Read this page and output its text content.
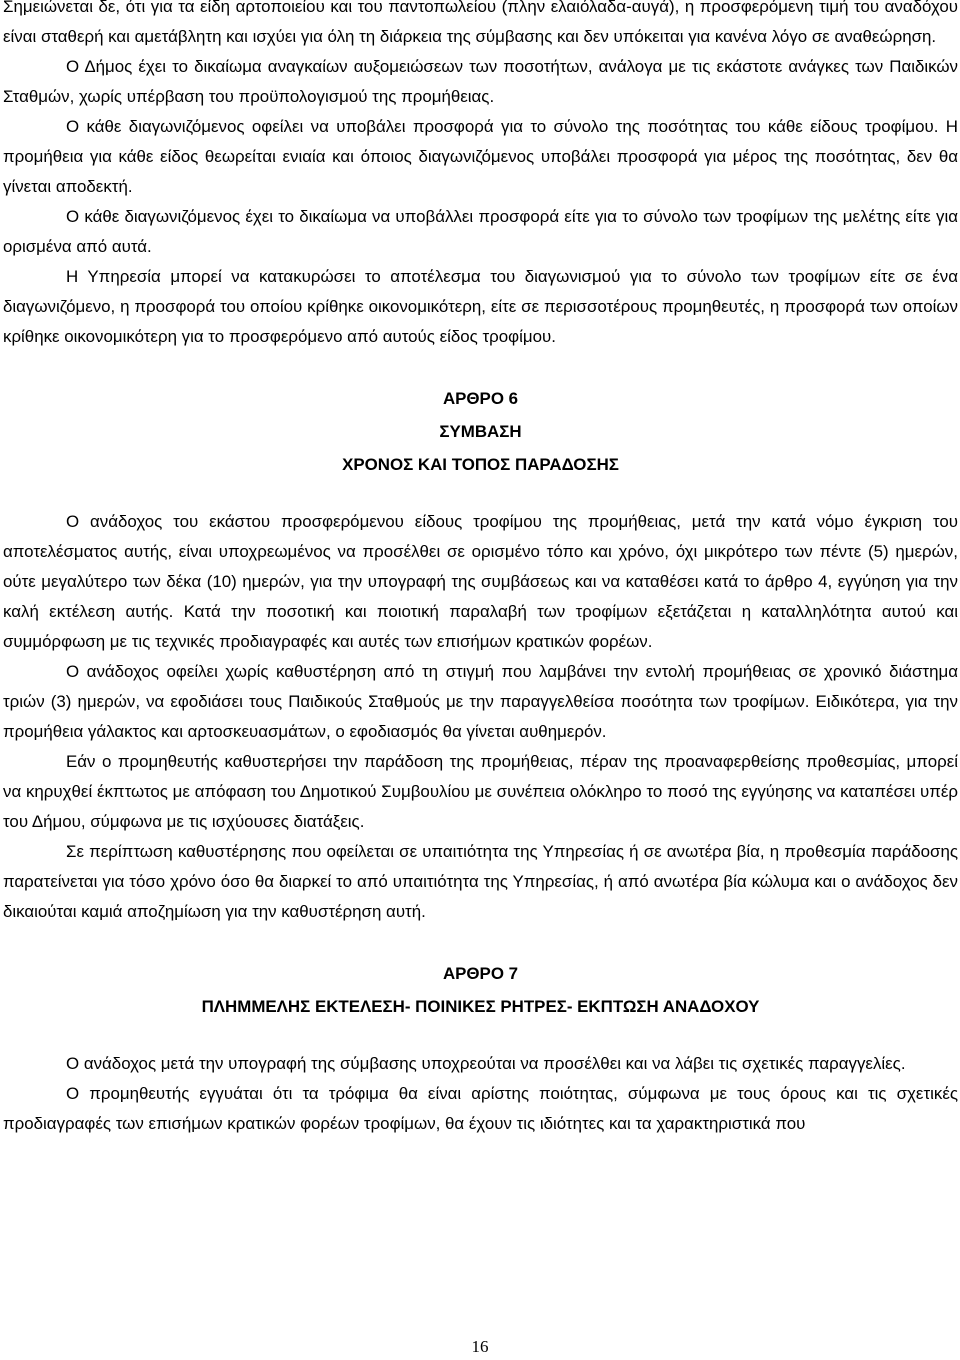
Σημειώνεται δε, ότι για τα είδη αρτοποιείου και του παντοπωλείου (πλην ελαιόλαδα-αυγά), η προσφερόμενη τιμή του αναδόχου είναι σταθερή και αμετάβλητη και ισχύει για όλη τη διάρκεια της σύμβασης και δεν υπόκειται για κανένα λόγο σε αναθεώρηση.

Ο Δήμος έχει το δικαίωμα αναγκαίων αυξομειώσεων των ποσοτήτων, ανάλογα με τις εκάστοτε ανάγκες των Παιδικών Σταθμών, χωρίς υπέρβαση του προϋπολογισμού της προμήθειας.

Ο κάθε διαγωνιζόμενος οφείλει να υποβάλει προσφορά για το σύνολο της ποσότητας του κάθε είδους τροφίμου. Η προμήθεια για κάθε είδος θεωρείται ενιαία και όποιος διαγωνιζόμενος υποβάλει προσφορά για μέρος της ποσότητας, δεν θα γίνεται αποδεκτή.

Ο κάθε διαγωνιζόμενος έχει το δικαίωμα να υποβάλλει προσφορά είτε για το σύνολο των τροφίμων της μελέτης είτε για ορισμένα από αυτά.

Η Υπηρεσία μπορεί να κατακυρώσει το αποτέλεσμα του διαγωνισμού για το σύνολο των τροφίμων είτε σε ένα διαγωνιζόμενο, η προσφορά του οποίου κρίθηκε οικονομικότερη, είτε σε περισσοτέρους προμηθευτές, η προσφορά των οποίων κρίθηκε οικονομικότερη για το προσφερόμενο από αυτούς είδος τροφίμου.

ΑΡΘΡΟ 6
ΣΥΜΒΑΣΗ
ΧΡΟΝΟΣ ΚΑΙ ΤΟΠΟΣ ΠΑΡΑΔΟΣΗΣ

Ο ανάδοχος του εκάστου προσφερόμενου είδους τροφίμου της προμήθειας, μετά την κατά νόμο έγκριση του αποτελέσματος αυτής, είναι υποχρεωμένος να προσέλθει σε ορισμένο τόπο και χρόνο, όχι μικρότερο των πέντε (5) ημερών, ούτε μεγαλύτερο των δέκα (10) ημερών, για την υπογραφή της συμβάσεως και να καταθέσει κατά το άρθρο 4, εγγύηση για την καλή εκτέλεση αυτής. Κατά την ποσοτική και ποιοτική παραλαβή των τροφίμων εξετάζεται η καταλληλότητα αυτού και συμμόρφωση με τις τεχνικές προδιαγραφές και αυτές των επισήμων κρατικών φορέων.

Ο ανάδοχος οφείλει χωρίς καθυστέρηση από τη στιγμή που λαμβάνει την εντολή προμήθειας σε χρονικό διάστημα τριών (3) ημερών, να εφοδιάσει τους Παιδικούς Σταθμούς με την παραγγελθείσα ποσότητα των τροφίμων. Ειδικότερα, για την προμήθεια γάλακτος και αρτοσκευασμάτων, ο εφοδιασμός θα γίνεται αυθημερόν.

Εάν ο προμηθευτής καθυστερήσει την παράδοση της προμήθειας, πέραν της προαναφερθείσης προθεσμίας, μπορεί να κηρυχθεί έκπτωτος με απόφαση του Δημοτικού Συμβουλίου με συνέπεια ολόκληρο το ποσό της εγγύησης να καταπέσει υπέρ του Δήμου, σύμφωνα με τις ισχύουσες διατάξεις.

Σε περίπτωση καθυστέρησης που οφείλεται σε υπαιτιότητα της Υπηρεσίας ή σε ανωτέρα βία, η προθεσμία παράδοσης παρατείνεται για τόσο χρόνο όσο θα διαρκεί το από υπαιτιότητα της Υπηρεσίας, ή από ανωτέρα βία κώλυμα και ο ανάδοχος δεν δικαιούται καμιά αποζημίωση για την καθυστέρηση αυτή.

ΑΡΘΡΟ 7
ΠΛΗΜΜΕΛΗΣ ΕΚΤΕΛΕΣΗ- ΠΟΙΝΙΚΕΣ ΡΗΤΡΕΣ- ΕΚΠΤΩΣΗ ΑΝΑΔΟΧΟΥ

Ο ανάδοχος μετά την υπογραφή της σύμβασης υποχρεούται να προσέλθει και να λάβει τις σχετικές παραγγελίες.

Ο προμηθευτής εγγυάται ότι τα τρόφιμα θα είναι αρίστης ποιότητας, σύμφωνα με τους όρους και τις σχετικές προδιαγραφές των επισήμων κρατικών φορέων τροφίμων, θα έχουν τις ιδιότητες και τα χαρακτηριστικά που

16
